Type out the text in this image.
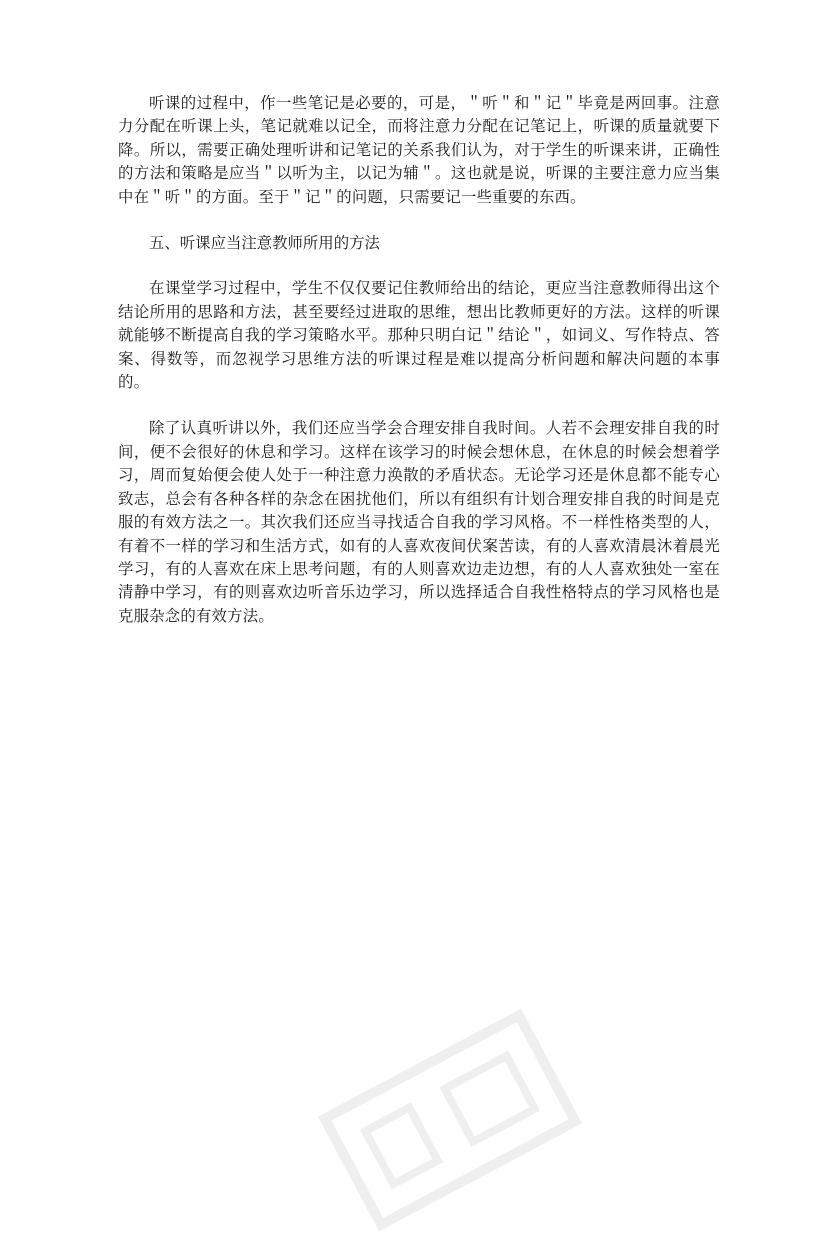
听课的过程中，作一些笔记是必要的，可是，＂听＂和＂记＂毕竟是两回事。注意力分配在听课上头，笔记就难以记全，而将注意力分配在记笔记上，听课的质量就要下降。所以，需要正确处理听讲和记笔记的关系我们认为，对于学生的听课来讲，正确性的方法和策略是应当＂以听为主，以记为辅＂。这也就是说，听课的主要注意力应当集中在＂听＂的方面。至于＂记＂的问题，只需要记一些重要的东西。

五、听课应当注意教师所用的方法

在课堂学习过程中，学生不仅仅要记住教师给出的结论，更应当注意教师得出这个结论所用的思路和方法，甚至要经过进取的思维，想出比教师更好的方法。这样的听课就能够不断提高自我的学习策略水平。那种只明白记＂结论＂，如词义、写作特点、答案、得数等，而忽视学习思维方法的听课过程是难以提高分析问题和解决问题的本事的。

除了认真听讲以外，我们还应当学会合理安排自我时间。人若不会理安排自我的时间，便不会很好的休息和学习。这样在该学习的时候会想休息，在休息的时候会想着学习，周而复始便会使人处于一种注意力涣散的矛盾状态。无论学习还是休息都不能专心致志，总会有各种各样的杂念在困扰他们，所以有组织有计划合理安排自我的时间是克服的有效方法之一。其次我们还应当寻找适合自我的学习风格。不一样性格类型的人，有着不一样的学习和生活方式，如有的人喜欢夜间伏案苦读，有的人喜欢清晨沐着晨光学习，有的人喜欢在床上思考问题，有的人则喜欢边走边想，有的人人喜欢独处一室在清静中学习，有的则喜欢边听音乐边学习，所以选择适合自我性格特点的学习风格也是克服杂念的有效方法。
